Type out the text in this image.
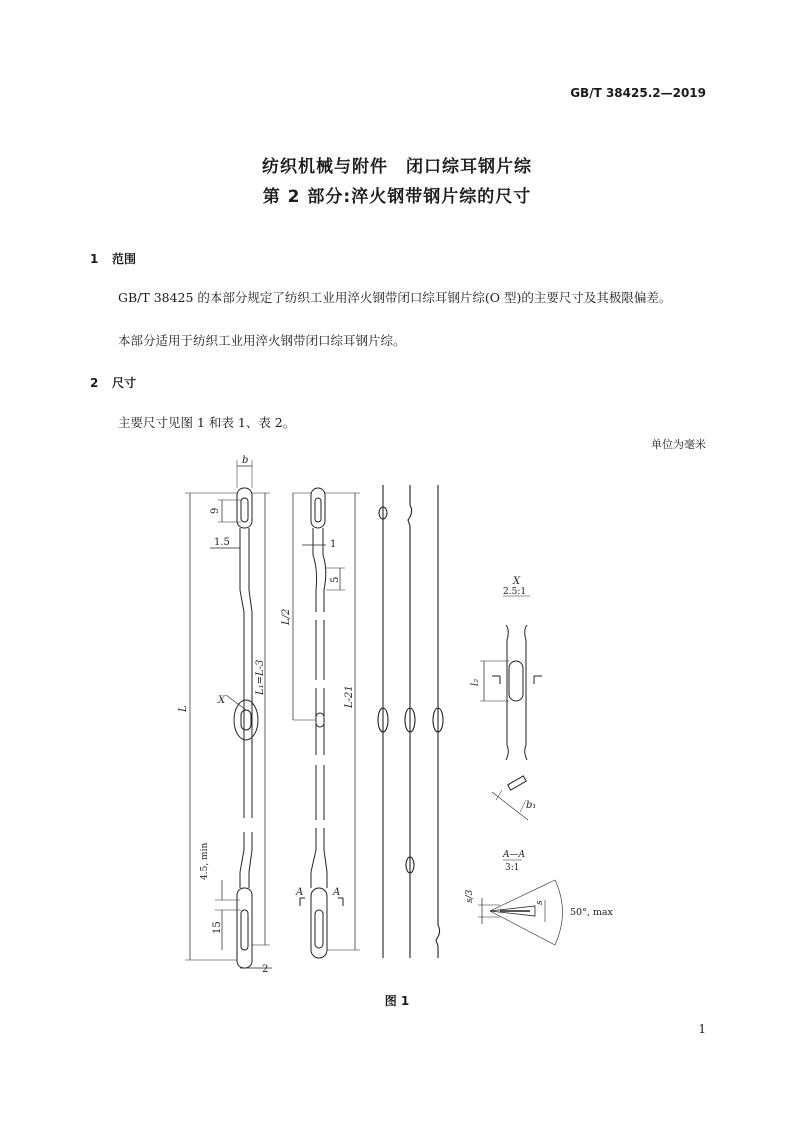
GB/T 38425.2—2019
纺织机械与附件　闭口综耳钢片综
第 2 部分:淬火钢带钢片综的尺寸
1 范围
GB/T 38425 的本部分规定了纺织工业用淬火钢带闭口综耳钢片综(O 型)的主要尺寸及其极限偏差。
本部分适用于纺织工业用淬火钢带闭口综耳钢片综。
2 尺寸
主要尺寸见图 1 和表 1、表 2。
单位为毫米
b
9
1.5	1
5
L
L/2
L₁=L-3
L-21
X
4.5, min
15
2
A	A
X
2.5:1
l₂
b₁
A—A
3:1
s/3	s
50°, max
图 1
1
